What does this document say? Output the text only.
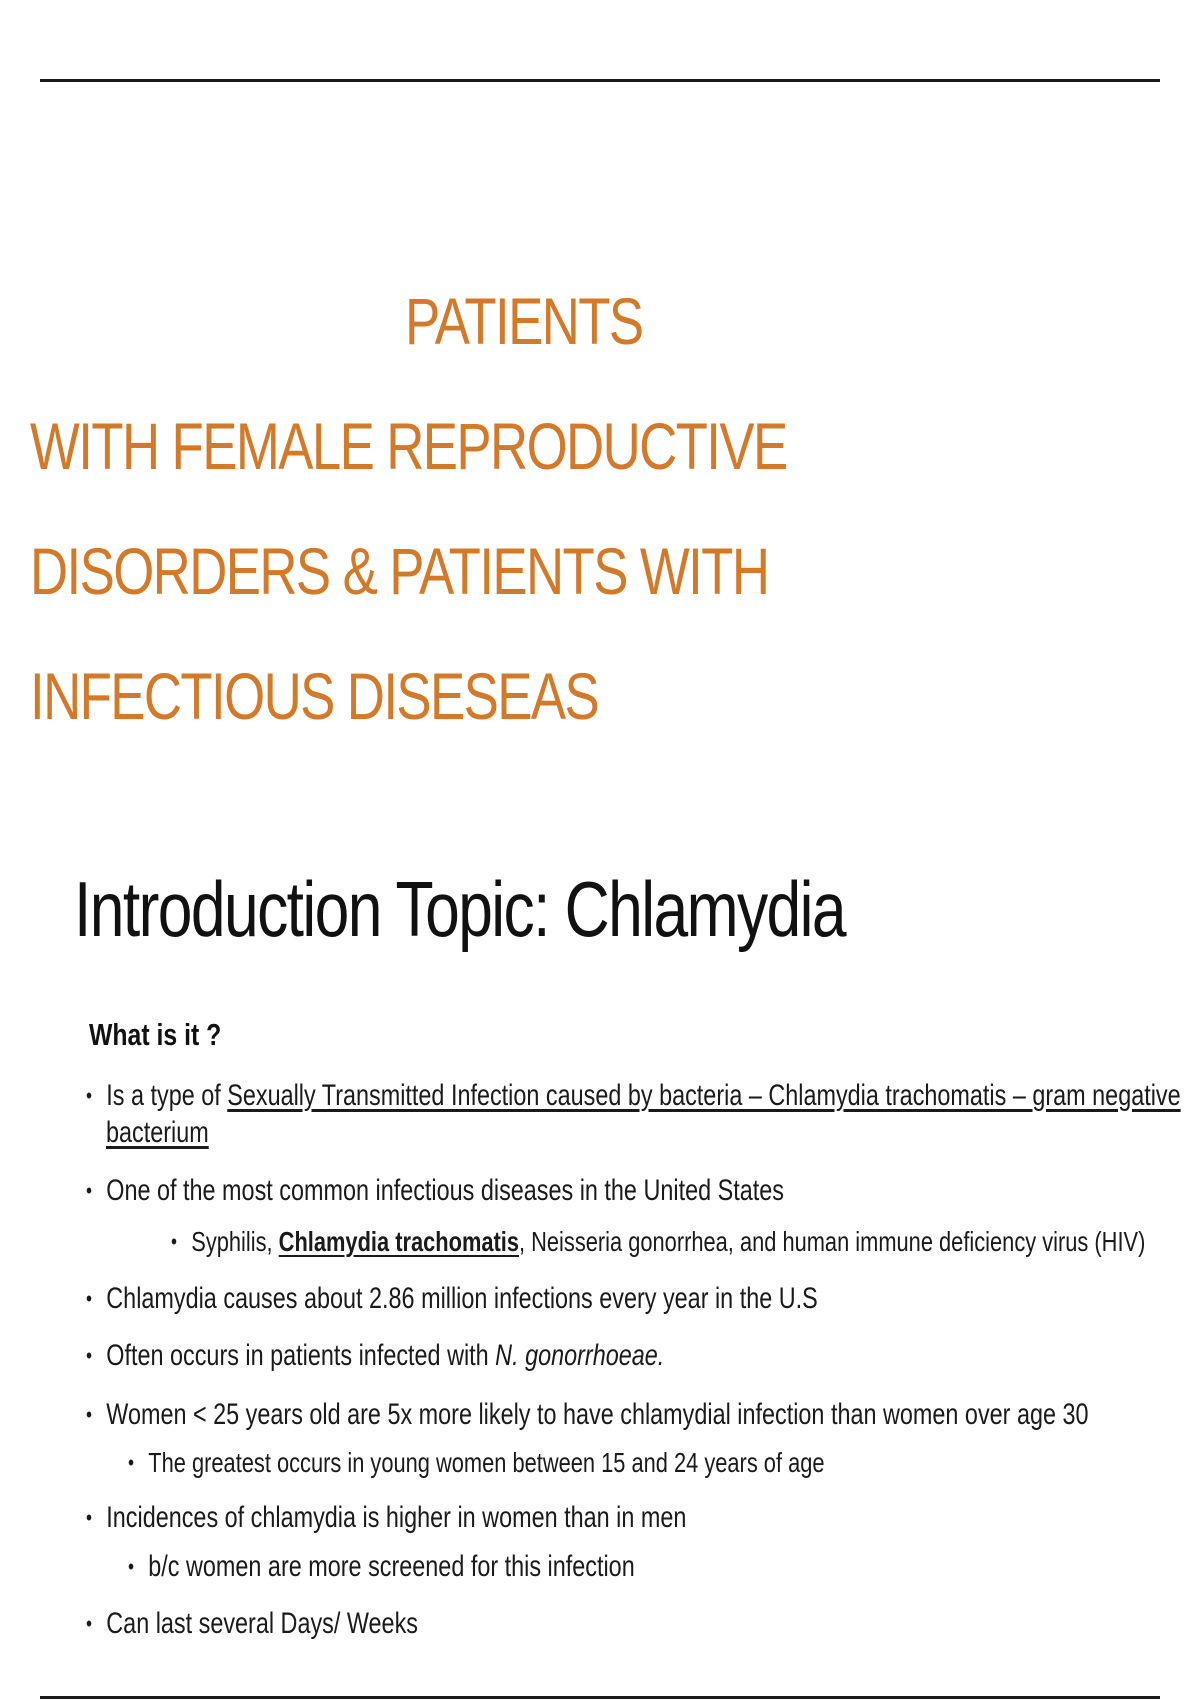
PATIENTS
WITH FEMALE REPRODUCTIVE
DISORDERS & PATIENTS WITH
INFECTIOUS DISESEAS
Introduction Topic: Chlamydia
What is it ?
• Is a type of Sexually Transmitted Infection caused by bacteria – Chlamydia trachomatis – gram negative
bacterium
• One of the most common infectious diseases in the United States
• Syphilis, Chlamydia trachomatis, Neisseria gonorrhea, and human immune deficiency virus (HIV)
• Chlamydia causes about 2.86 million infections every year in the U.S
• Often occurs in patients infected with N. gonorrhoeae.
• Women < 25 years old are 5x more likely to have chlamydial infection than women over age 30
• The greatest occurs in young women between 15 and 24 years of age
• Incidences of chlamydia is higher in women than in men
• b/c women are more screened for this infection
• Can last several Days/ Weeks
